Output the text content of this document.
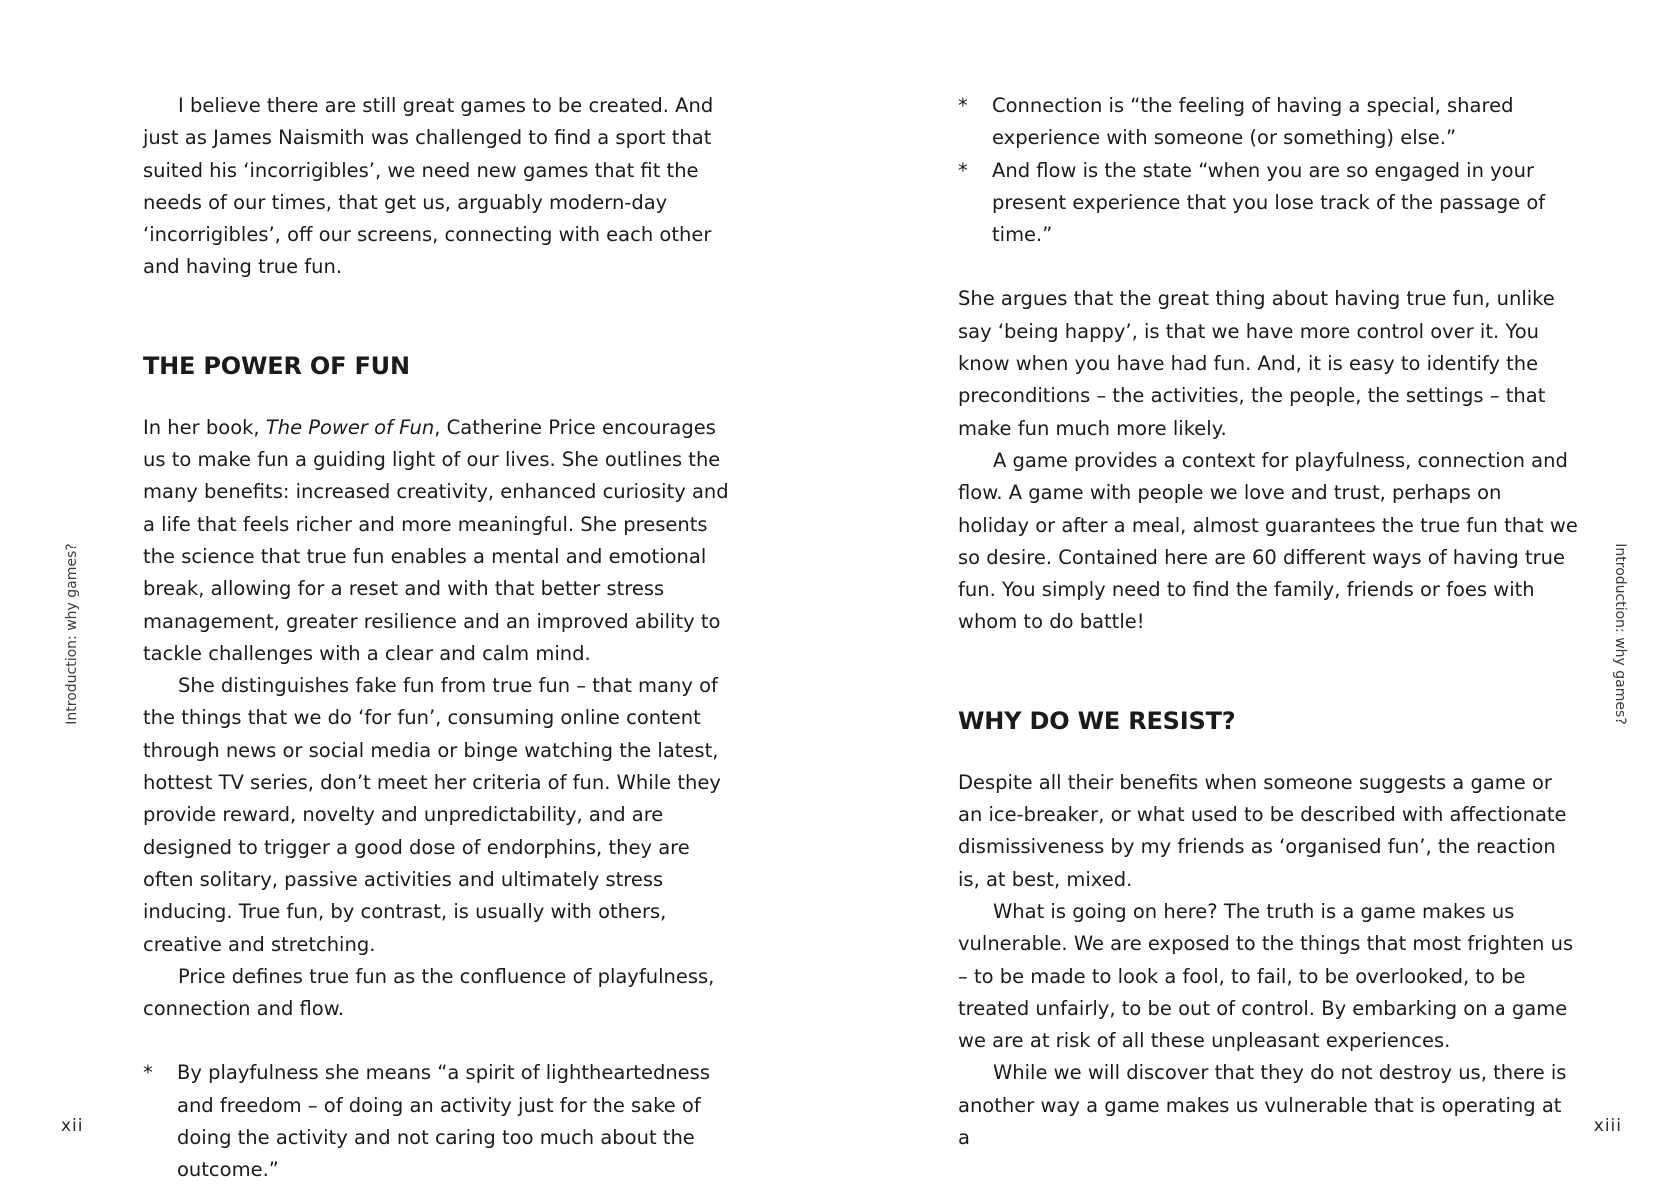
Introduction: why games?

I believe there are still great games to be created. And just as James Naismith was challenged to find a sport that suited his ‘incorrigibles’, we need new games that fit the needs of our times, that get us, arguably modern-day ‘incorrigibles’, off our screens, connecting with each other and having true fun.

THE POWER OF FUN

In her book, The Power of Fun, Catherine Price encourages us to make fun a guiding light of our lives. She outlines the many benefits: increased creativity, enhanced curiosity and a life that feels richer and more meaningful. She presents the science that true fun enables a mental and emotional break, allowing for a reset and with that better stress management, greater resilience and an improved ability to tackle challenges with a clear and calm mind.

She distinguishes fake fun from true fun – that many of the things that we do ‘for fun’, consuming online content through news or social media or binge watching the latest, hottest TV series, don’t meet her criteria of fun. While they provide reward, novelty and unpredictability, and are designed to trigger a good dose of endorphins, they are often solitary, passive activities and ultimately stress inducing. True fun, by contrast, is usually with others, creative and stretching.

Price defines true fun as the confluence of playfulness, connection and flow.

* By playfulness she means “a spirit of lightheartedness and freedom – of doing an activity just for the sake of doing the activity and not caring too much about the outcome.”
xii
Introduction: why games?
* Connection is “the feeling of having a special, shared experience with someone (or something) else.”
* And flow is the state “when you are so engaged in your present experience that you lose track of the passage of time.”

She argues that the great thing about having true fun, unlike say ‘being happy’, is that we have more control over it. You know when you have had fun. And, it is easy to identify the preconditions – the activities, the people, the settings – that make fun much more likely.

A game provides a context for playfulness, connection and flow. A game with people we love and trust, perhaps on holiday or after a meal, almost guarantees the true fun that we so desire. Contained here are 60 different ways of having true fun. You simply need to find the family, friends or foes with whom to do battle!

WHY DO WE RESIST?

Despite all their benefits when someone suggests a game or an ice-breaker, or what used to be described with affectionate dismissiveness by my friends as ‘organised fun’, the reaction is, at best, mixed.

What is going on here? The truth is a game makes us vulnerable. We are exposed to the things that most frighten us – to be made to look a fool, to fail, to be overlooked, to be treated unfairly, to be out of control. By embarking on a game we are at risk of all these unpleasant experiences.

While we will discover that they do not destroy us, there is another way a game makes us vulnerable that is operating at a

xiii
